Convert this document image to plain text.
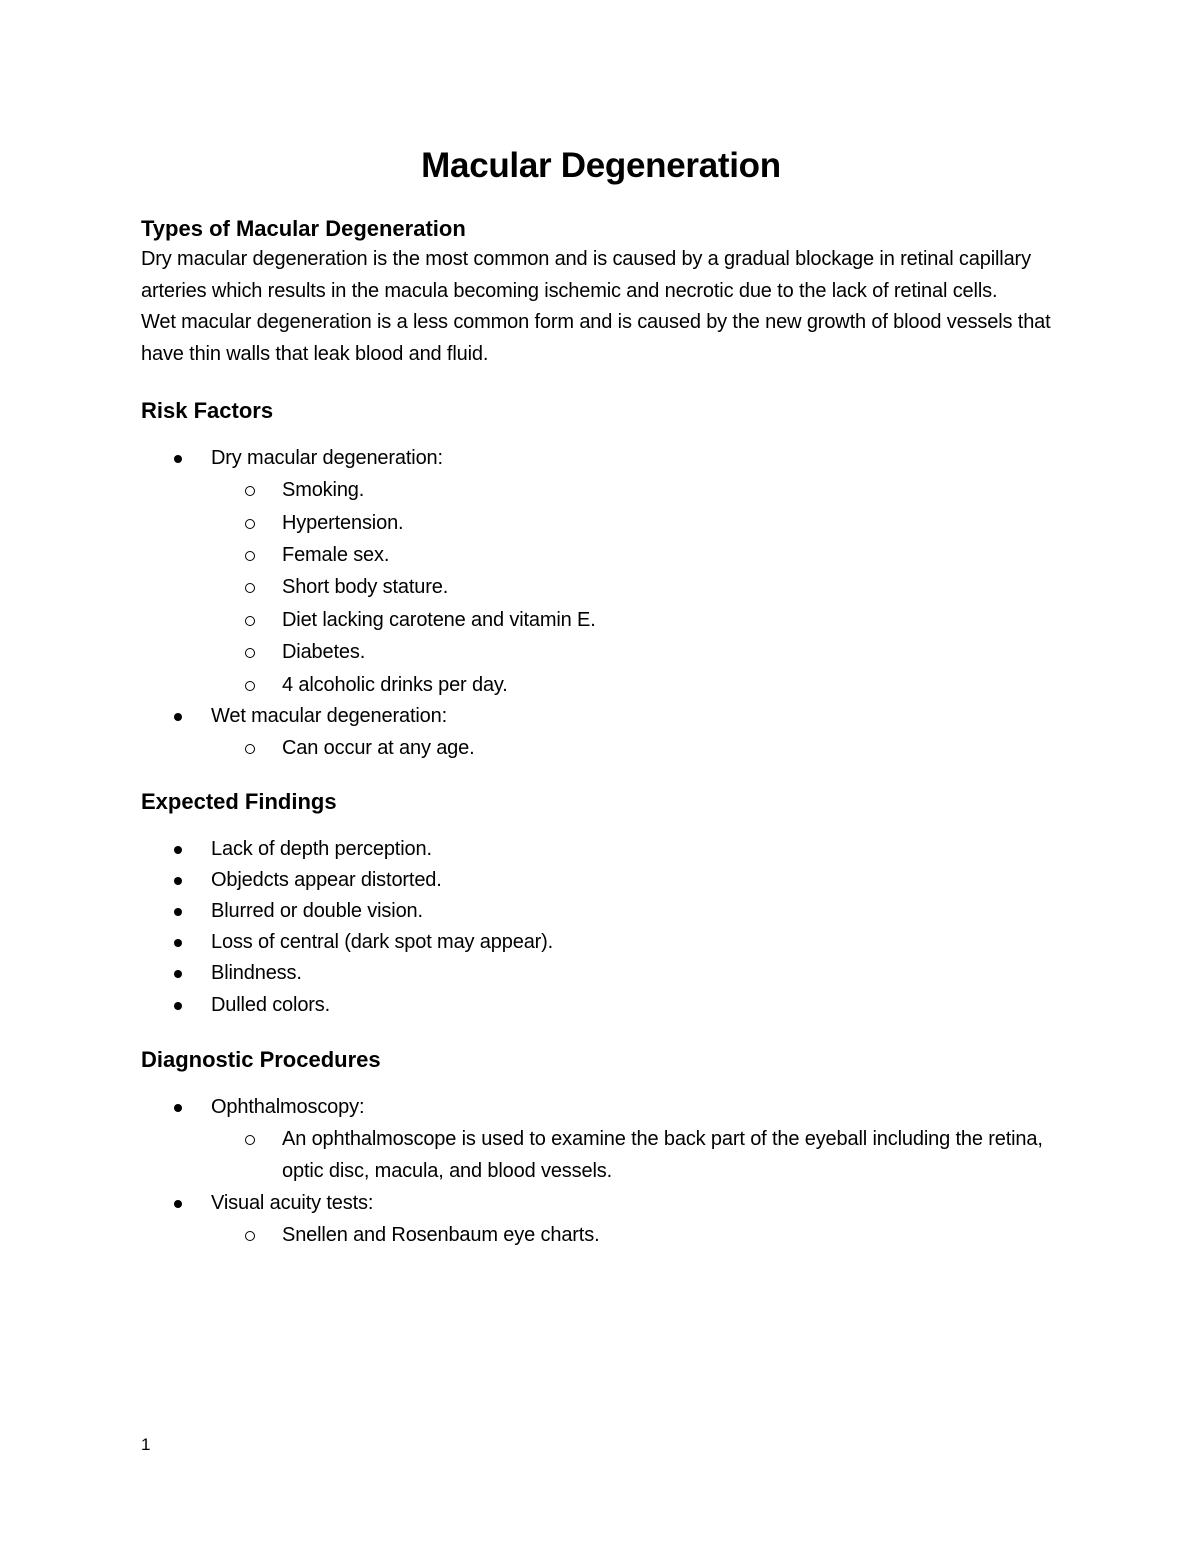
Macular Degeneration
Types of Macular Degeneration

Dry macular degeneration is the most common and is caused by a gradual blockage in retinal capillary arteries which results in the macula becoming ischemic and necrotic due to the lack of retinal cells.

Wet macular degeneration is a less common form and is caused by the new growth of blood vessels that have thin walls that leak blood and fluid.

Risk Factors
Dry macular degeneration:
Smoking.
Hypertension.
Female sex.
Short body stature.
Diet lacking carotene and vitamin E.
Diabetes.
4 alcoholic drinks per day.
Wet macular degeneration:
Can occur at any age.
Expected Findings
Lack of depth perception.
Objedcts appear distorted.
Blurred or double vision.
Loss of central (dark spot may appear).
Blindness.
Dulled colors.
Diagnostic Procedures
Ophthalmoscopy:
An ophthalmoscope is used to examine the back part of the eyeball including the retina, optic disc, macula, and blood vessels.
Visual acuity tests:
Snellen and Rosenbaum eye charts.
1
